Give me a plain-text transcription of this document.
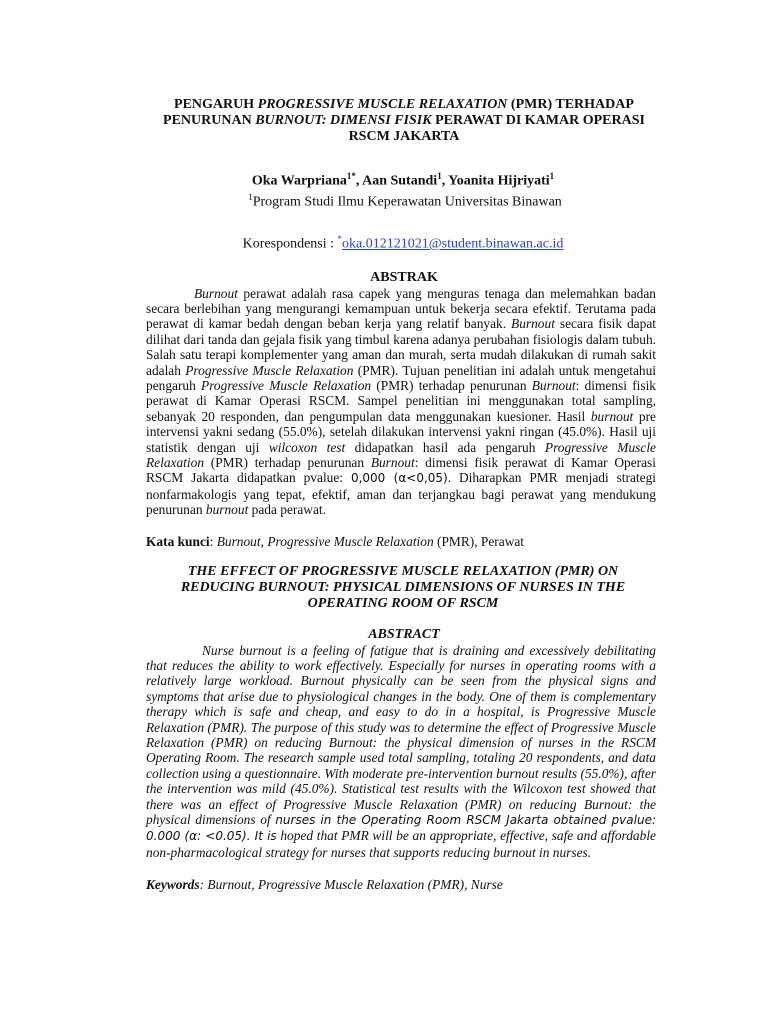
PENGARUH PROGRESSIVE MUSCLE RELAXATION (PMR) TERHADAP PENURUNAN BURNOUT: DIMENSI FISIK PERAWAT DI KAMAR OPERASI RSCM JAKARTA
Oka Warpriana$^{1*}$, Aan Sutandi$^1$, Yoanita Hijriyati$^1$
$^1$Program Studi Ilmu Keperawatan Universitas Binawan
Korespondensi : *oka.012121021@student.binawan.ac.id
ABSTRAK
Burnout perawat adalah rasa capek yang menguras tenaga dan melemahkan badan secara berlebihan yang mengurangi kemampuan untuk bekerja secara efektif. Terutama pada perawat di kamar bedah dengan beban kerja yang relatif banyak. Burnout secara fisik dapat dilihat dari tanda dan gejala fisik yang timbul karena adanya perubahan fisiologis dalam tubuh. Salah satu terapi komplementer yang aman dan murah, serta mudah dilakukan di rumah sakit adalah Progressive Muscle Relaxation (PMR). Tujuan penelitian ini adalah untuk mengetahui pengaruh Progressive Muscle Relaxation (PMR) terhadap penurunan Burnout: dimensi fisik perawat di Kamar Operasi RSCM. Sampel penelitian ini menggunakan total sampling, sebanyak 20 responden, dan pengumpulan data menggunakan kuesioner. Hasil burnout pre intervensi yakni sedang (55.0%), setelah dilakukan intervensi yakni ringan (45.0%). Hasil uji statistik dengan uji wilcoxon test didapatkan hasil ada pengaruh Progressive Muscle Relaxation (PMR) terhadap penurunan Burnout: dimensi fisik perawat di Kamar Operasi RSCM Jakarta didapatkan pvalue: 0,000 (α<0,05). Diharapkan PMR menjadi strategi nonfarmakologis yang tepat, efektif, aman dan terjangkau bagi perawat yang mendukung penurunan burnout pada perawat.
Kata kunci: Burnout, Progressive Muscle Relaxation (PMR), Perawat
THE EFFECT OF PROGRESSIVE MUSCLE RELAXATION (PMR) ON REDUCING BURNOUT: PHYSICAL DIMENSIONS OF NURSES IN THE OPERATING ROOM OF RSCM
ABSTRACT
Nurse burnout is a feeling of fatigue that is draining and excessively debilitating that reduces the ability to work effectively. Especially for nurses in operating rooms with a relatively large workload. Burnout physically can be seen from the physical signs and symptoms that arise due to physiological changes in the body. One of them is complementary therapy which is safe and cheap, and easy to do in a hospital, is Progressive Muscle Relaxation (PMR). The purpose of this study was to determine the effect of Progressive Muscle Relaxation (PMR) on reducing Burnout: the physical dimension of nurses in the RSCM Operating Room. The research sample used total sampling, totaling 20 respondents, and data collection using a questionnaire. With moderate pre-intervention burnout results (55.0%), after the intervention was mild (45.0%). Statistical test results with the Wilcoxon test showed that there was an effect of Progressive Muscle Relaxation (PMR) on reducing Burnout: the physical dimensions of nurses in the Operating Room RSCM Jakarta obtained pvalue: 0.000 (α: <0.05). It is hoped that PMR will be an appropriate, effective, safe and affordable non-pharmacological strategy for nurses that supports reducing burnout in nurses.
Keywords: Burnout, Progressive Muscle Relaxation (PMR), Nurse
